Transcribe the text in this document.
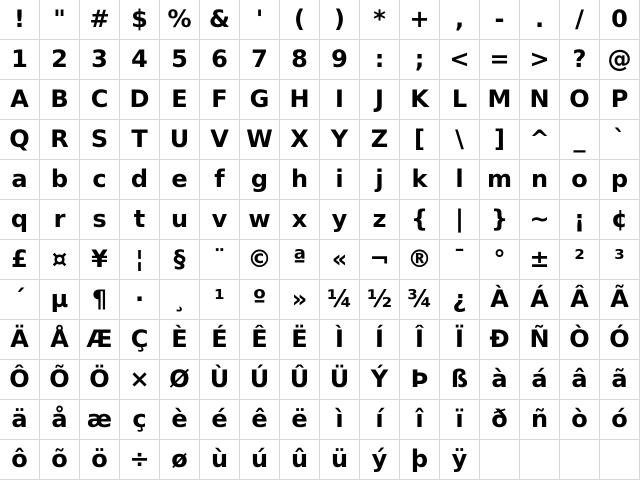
! " # $ % & ' ( ) * + , - . / 0
1 2 3 4 5 6 7 8 9 : ; < = > ? @
A B C D E F G H I J K L M N O P
Q R S T U V W X Y Z [ \ ] ^ _ `
a b c d e f g h i j k l m n o p
q r s t u v w x y z { | } ~ ¡ ¢
£ ¤ ¥ ¦ § ¨ © ª « ¬ ® ¯ ° ± ² ³
´ µ ¶ · ¸ ¹ º » ¼ ½ ¾ ¿ À Á Â Ã
Ä Å Æ Ç È É Ê Ë Ì Í Î Ï Ð Ñ Ò Ó
Ô Õ Ö × Ø Ù Ú Û Ü Ý Þ ß à á â ã
ä å æ ç è é ê ë ì í î ï ð ñ ò ó
ô õ ö ÷ ø ù ú û ü ý þ ÿ
